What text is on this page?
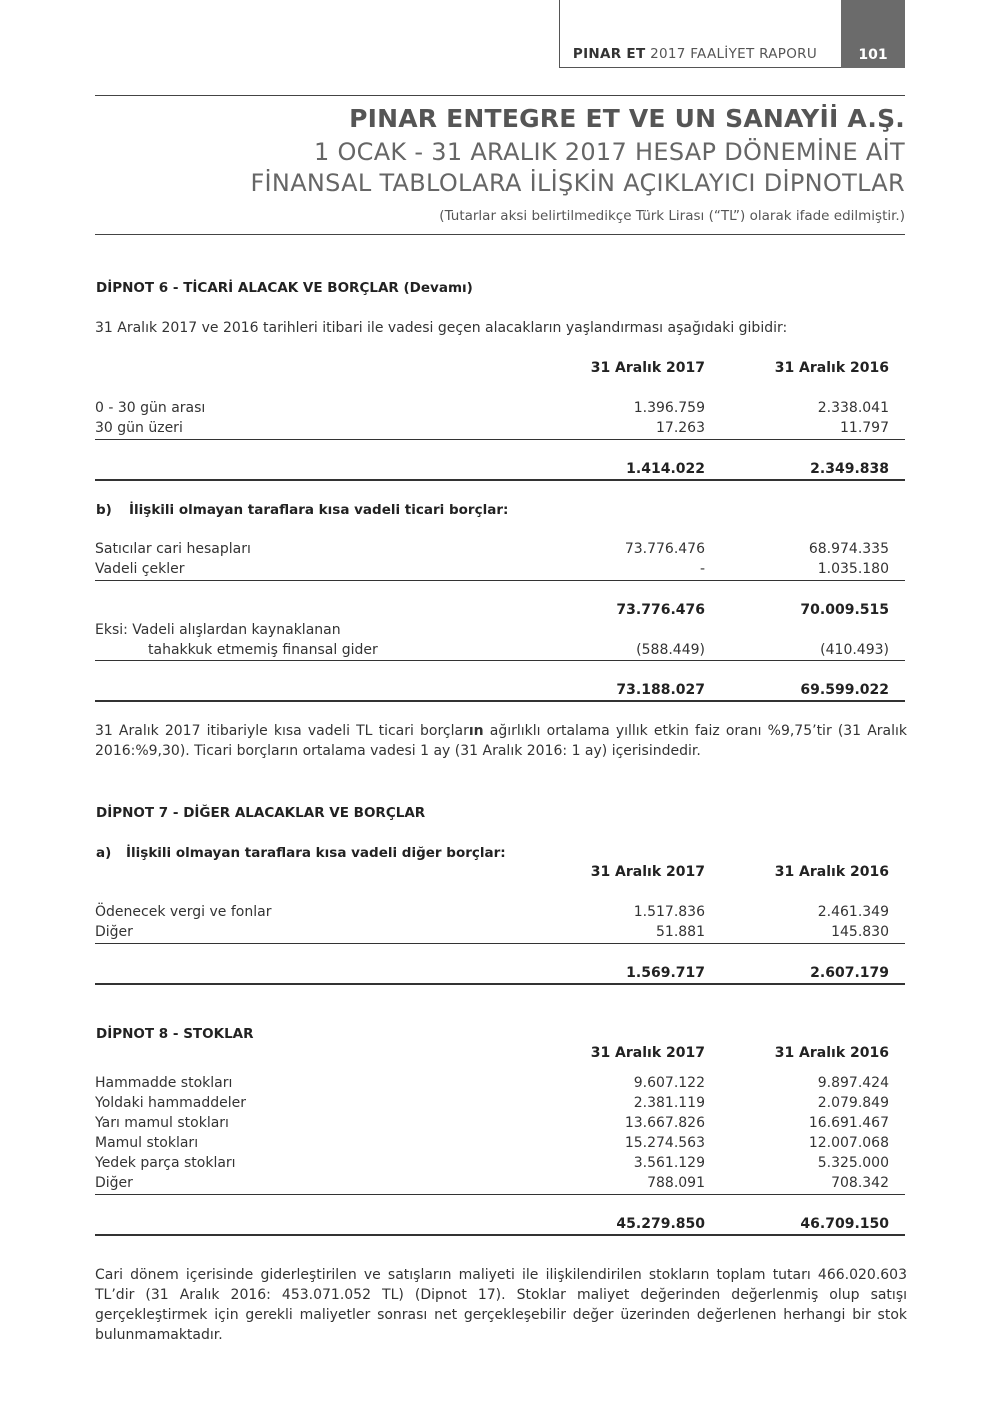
PINAR ET 2017 FAALİYET RAPORU	101
PINAR ENTEGRE ET VE UN SANAYİİ A.Ş.
1 OCAK - 31 ARALIK 2017 HESAP DÖNEMİNE AİT
FİNANSAL TABLOLARA İLİŞKİN AÇIKLAYICI DİPNOTLAR
(Tutarlar aksi belirtilmedikçe Türk Lirası (“TL”) olarak ifade edilmiştir.)
DİPNOT 6 - TİCARİ ALACAK VE BORÇLAR (Devamı)
31 Aralık 2017 ve 2016 tarihleri itibari ile vadesi geçen alacakların yaşlandırması aşağıdaki gibidir:
31 Aralık 2017	31 Aralık 2016
0 - 30 gün arası	1.396.759	2.338.041
30 gün üzeri	17.263	11.797
1.414.022	2.349.838
b) İlişkili olmayan taraflara kısa vadeli ticari borçlar:
Satıcılar cari hesapları	73.776.476	68.974.335
Vadeli çekler	-	1.035.180
73.776.476	70.009.515
Eksi: Vadeli alışlardan kaynaklanan
tahakkuk etmemiş finansal gider	(588.449)	(410.493)
73.188.027	69.599.022
31 Aralık 2017 itibariyle kısa vadeli TL ticari borçların ağırlıklı ortalama yıllık etkin faiz oranı %9,75’tir (31 Aralık 2016:%9,30). Ticari borçların ortalama vadesi 1 ay (31 Aralık 2016: 1 ay) içerisindedir.
DİPNOT 7 - DİĞER ALACAKLAR VE BORÇLAR
a) İlişkili olmayan taraflara kısa vadeli diğer borçlar:
31 Aralık 2017	31 Aralık 2016
Ödenecek vergi ve fonlar	1.517.836	2.461.349
Diğer	51.881	145.830
1.569.717	2.607.179
DİPNOT 8 - STOKLAR
31 Aralık 2017	31 Aralık 2016
Hammadde stokları	9.607.122	9.897.424
Yoldaki hammaddeler	2.381.119	2.079.849
Yarı mamul stokları	13.667.826	16.691.467
Mamul stokları	15.274.563	12.007.068
Yedek parça stokları	3.561.129	5.325.000
Diğer	788.091	708.342
45.279.850	46.709.150
Cari dönem içerisinde giderleştirilen ve satışların maliyeti ile ilişkilendirilen stokların toplam tutarı 466.020.603 TL’dir (31 Aralık 2016: 453.071.052 TL) (Dipnot 17). Stoklar maliyet değerinden değerlenmiş olup satışı gerçekleştirmek için gerekli maliyetler sonrası net gerçekleşebilir değer üzerinden değerlenen herhangi bir stok bulunmamaktadır.
